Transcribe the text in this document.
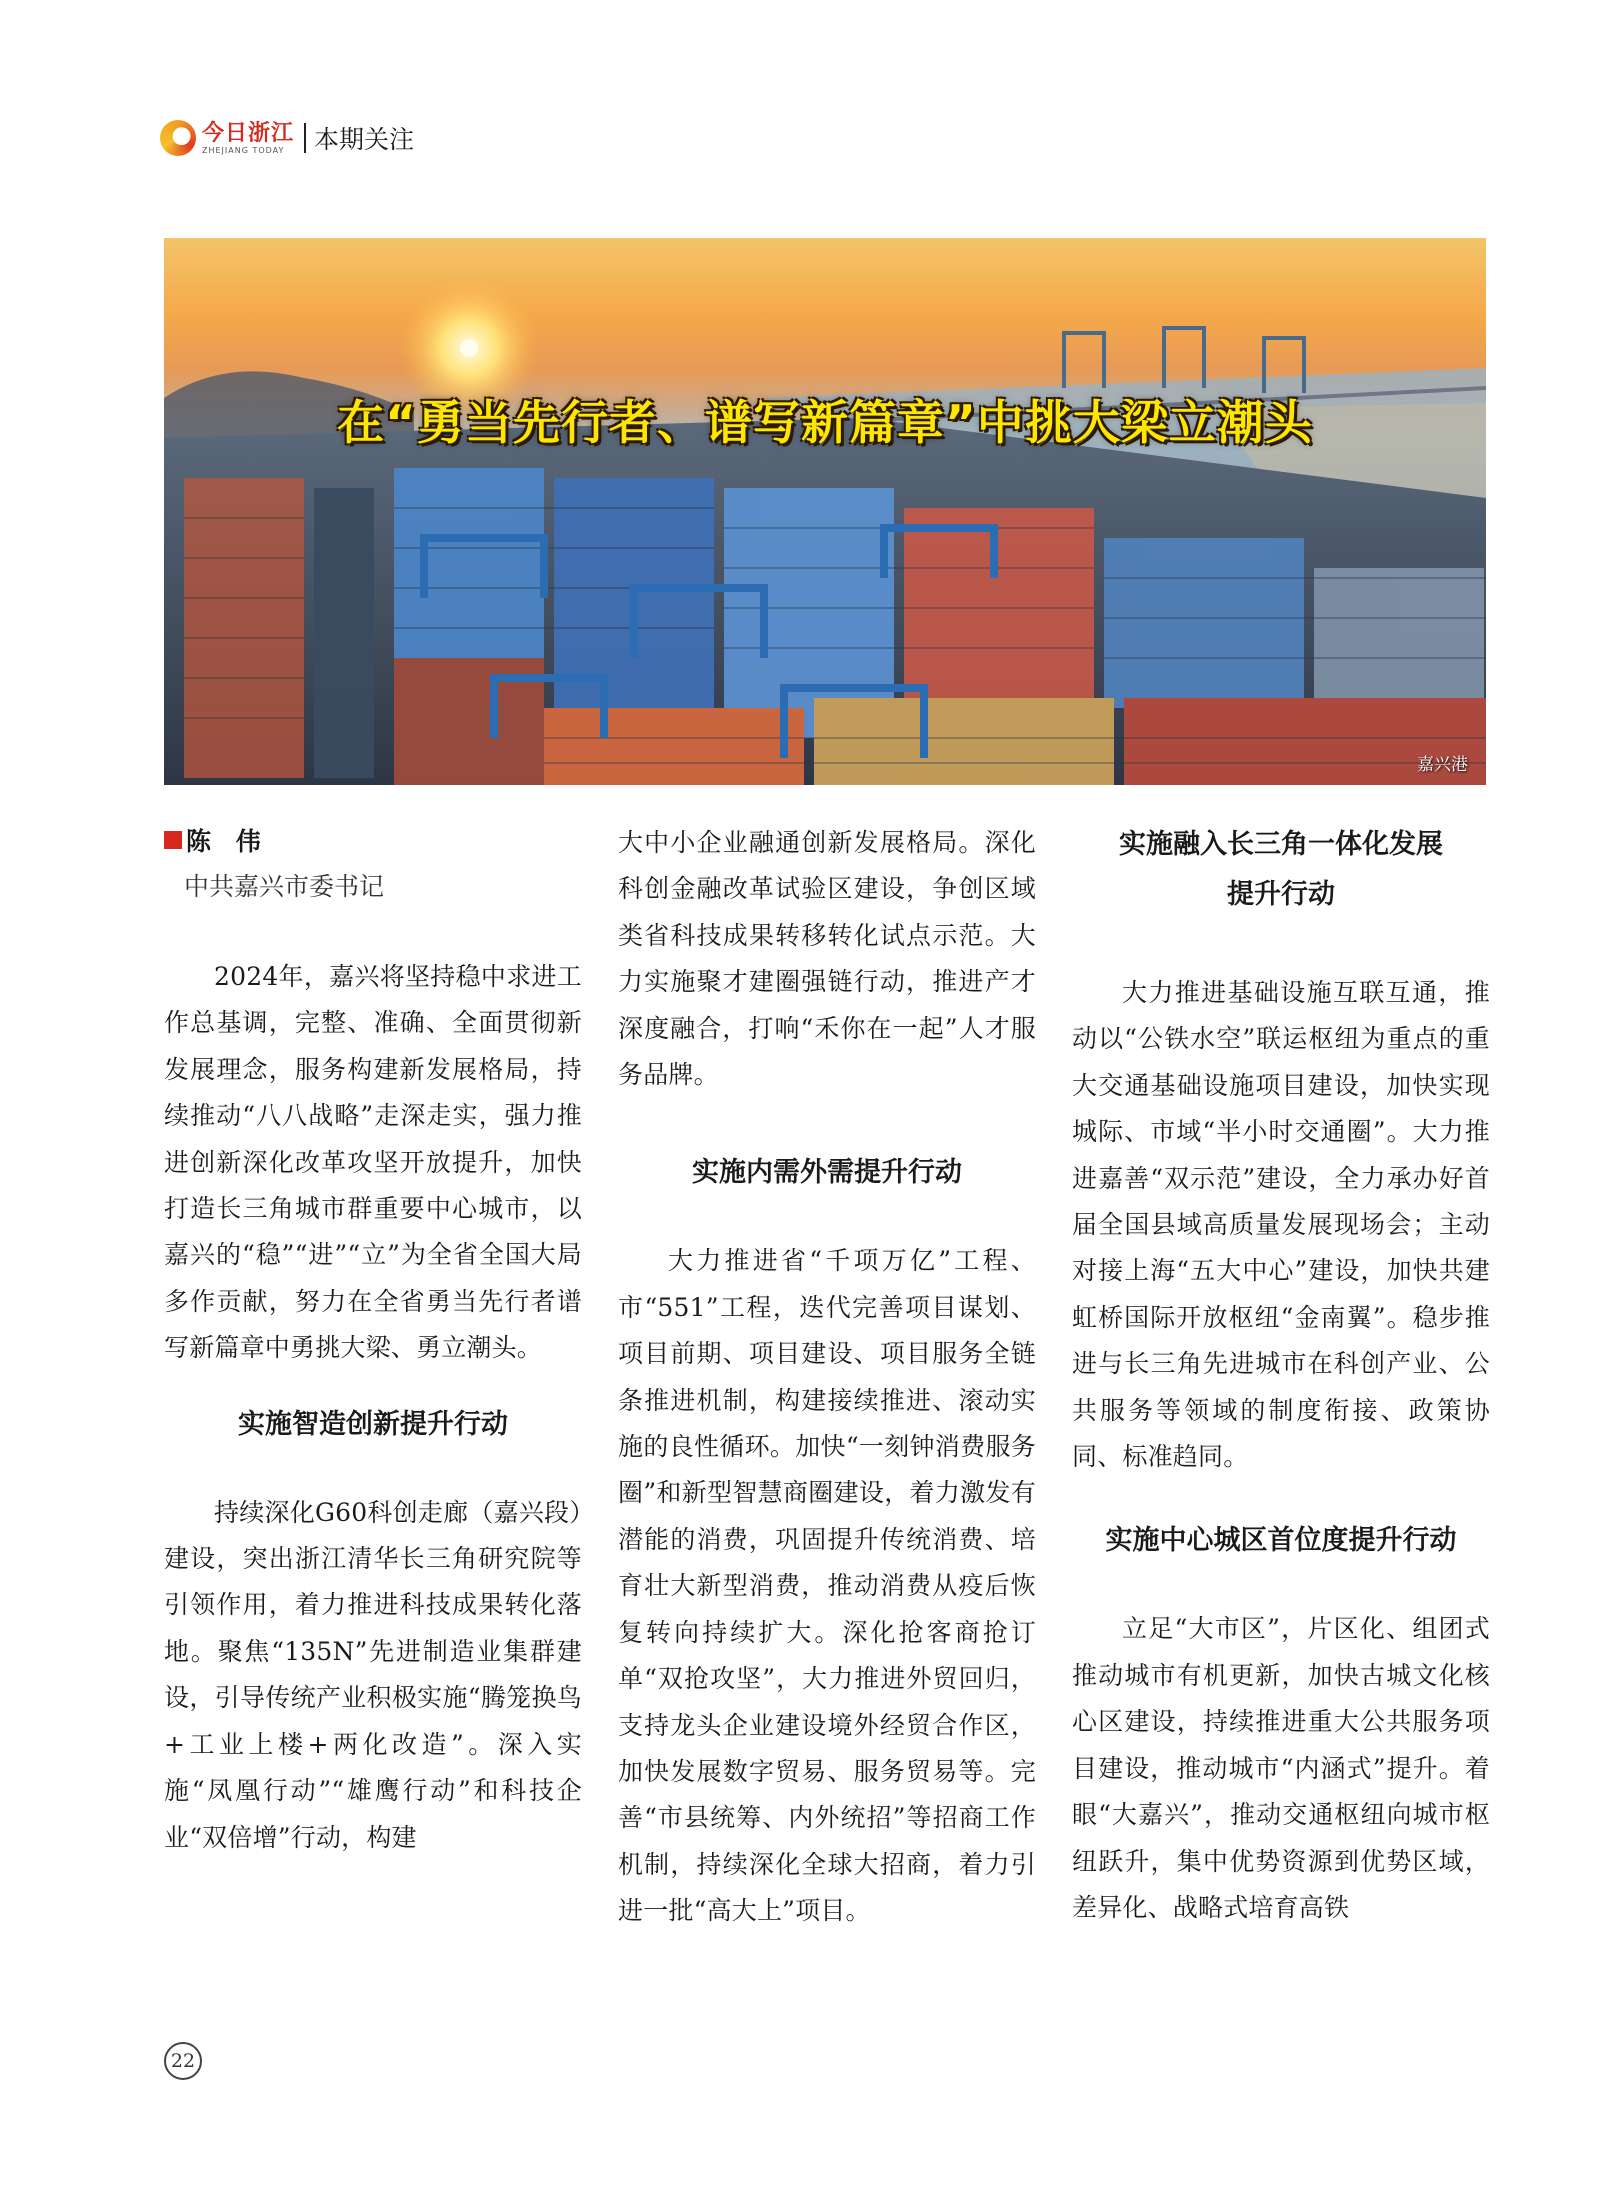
今日浙江
ZHEJIANG TODAY	本期关注
在“勇当先行者、谱写新篇章”中挑大梁立潮头
嘉兴港
陈 伟

中共嘉兴市委书记

2024年，嘉兴将坚持稳中求进工作总基调，完整、准确、全面贯彻新发展理念，服务构建新发展格局，持续推动“八八战略”走深走实，强力推进创新深化改革攻坚开放提升，加快打造长三角城市群重要中心城市，以嘉兴的“稳”“进”“立”为全省全国大局多作贡献，努力在全省勇当先行者谱写新篇章中勇挑大梁、勇立潮头。

实施智造创新提升行动

持续深化G60科创走廊（嘉兴段）建设，突出浙江清华长三角研究院等引领作用，着力推进科技成果转化落地。聚焦“135N”先进制造业集群建设，引导传统产业积极实施“腾笼换鸟+工业上楼+两化改造”。深入实施“凤凰行动”“雄鹰行动”和科技企业“双倍增”行动，构建

大中小企业融通创新发展格局。深化科创金融改革试验区建设，争创区域类省科技成果转移转化试点示范。大力实施聚才建圈强链行动，推进产才深度融合，打响“禾你在一起”人才服务品牌。

实施内需外需提升行动

大力推进省“千项万亿”工程、市“551”工程，迭代完善项目谋划、项目前期、项目建设、项目服务全链条推进机制，构建接续推进、滚动实施的良性循环。加快“一刻钟消费服务圈”和新型智慧商圈建设，着力激发有潜能的消费，巩固提升传统消费、培育壮大新型消费，推动消费从疫后恢复转向持续扩大。深化抢客商抢订单“双抢攻坚”，大力推进外贸回归，支持龙头企业建设境外经贸合作区，加快发展数字贸易、服务贸易等。完善“市县统筹、内外统招”等招商工作机制，持续深化全球大招商，着力引进一批“高大上”项目。

实施融入长三角一体化发展

提升行动

大力推进基础设施互联互通，推动以“公铁水空”联运枢纽为重点的重大交通基础设施项目建设，加快实现城际、市域“半小时交通圈”。大力推进嘉善“双示范”建设，全力承办好首届全国县域高质量发展现场会；主动对接上海“五大中心”建设，加快共建虹桥国际开放枢纽“金南翼”。稳步推进与长三角先进城市在科创产业、公共服务等领域的制度衔接、政策协同、标准趋同。

实施中心城区首位度提升行动

立足“大市区”，片区化、组团式推动城市有机更新，加快古城文化核心区建设，持续推进重大公共服务项目建设，推动城市“内涵式”提升。着眼“大嘉兴”，推动交通枢纽向城市枢纽跃升，集中优势资源到优势区域，差异化、战略式培育高铁

22
